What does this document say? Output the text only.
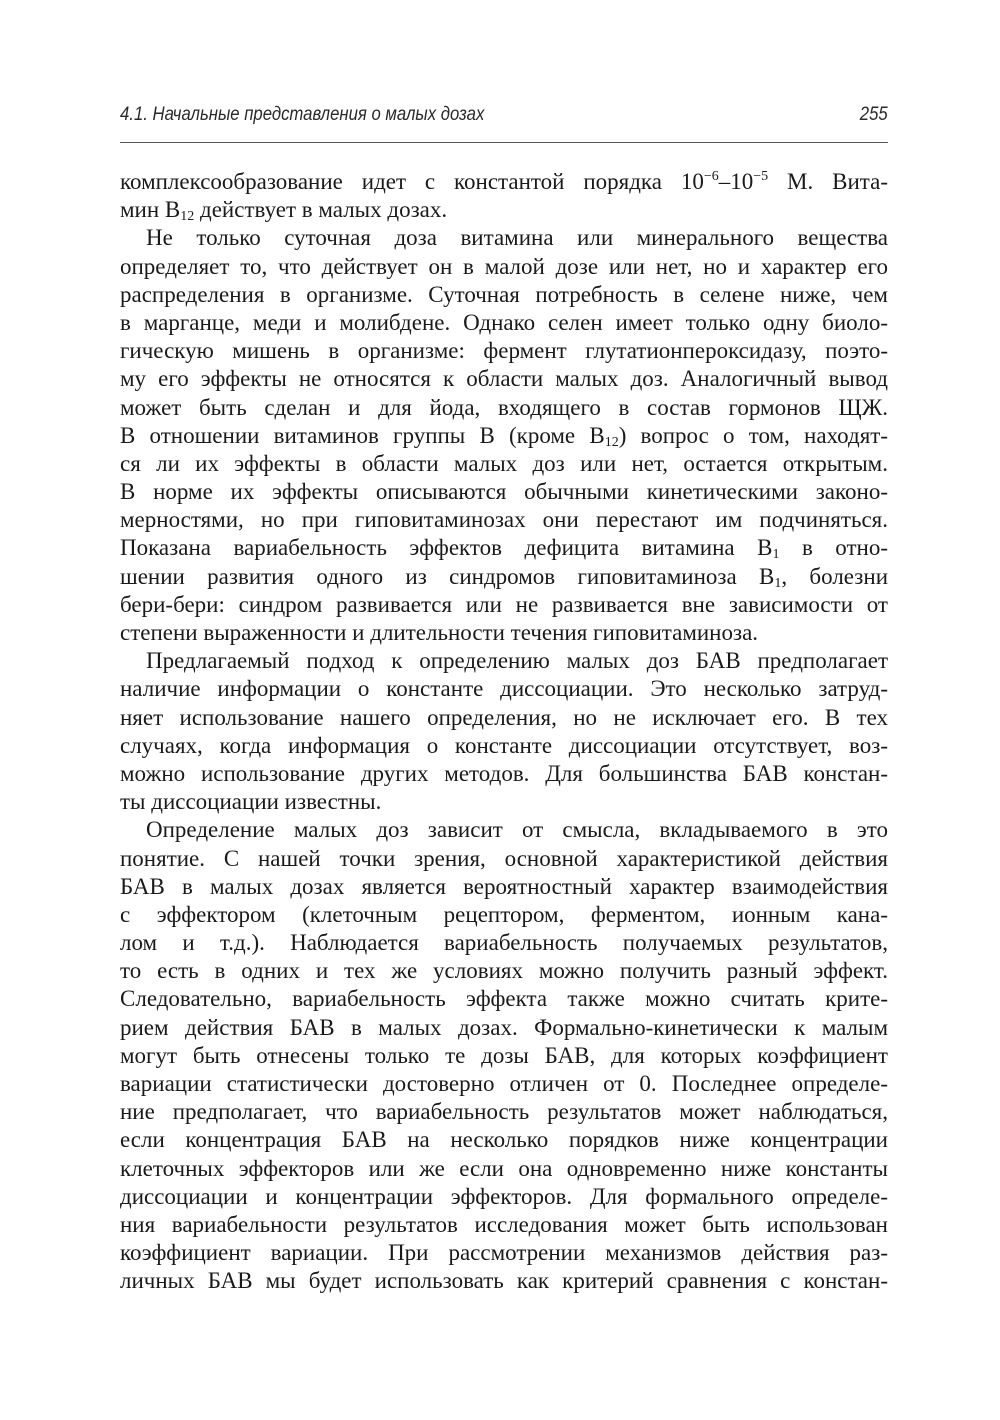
4.1. Начальные представления о малых дозах	255
комплексообразование идет с константой порядка $10^{-6}-10^{-5}$ М. Вита-
мин $B_{12}$ действует в малых дозах.
Не только суточная доза витамина или минерального вещества
определяет то, что действует он в малой дозе или нет, но и характер его
распределения в организме. Суточная потребность в селене ниже, чем
в марганце, меди и молибдене. Однако селен имеет только одну биоло-
гическую мишень в организме: фермент глутатионпероксидазу, поэто-
му его эффекты не относятся к области малых доз. Аналогичный вывод
может быть сделан и для йода, входящего в состав гормонов ЩЖ.
В отношении витаминов группы В (кроме $B_{12}$) вопрос о том, находят-
ся ли их эффекты в области малых доз или нет, остается открытым.
В норме их эффекты описываются обычными кинетическими законо-
мерностями, но при гиповитаминозах они перестают им подчиняться.
Показана вариабельность эффектов дефицита витамина $B_1$ в отно-
шении развития одного из синдромов гиповитаминоза $B_1$, болезни
бери-бери: синдром развивается или не развивается вне зависимости от
степени выраженности и длительности течения гиповитаминоза.
Предлагаемый подход к определению малых доз БАВ предполагает
наличие информации о константе диссоциации. Это несколько затруд-
няет использование нашего определения, но не исключает его. В тех
случаях, когда информация о константе диссоциации отсутствует, воз-
можно использование других методов. Для большинства БАВ констан-
ты диссоциации известны.
Определение малых доз зависит от смысла, вкладываемого в это
понятие. С нашей точки зрения, основной характеристикой действия
БАВ в малых дозах является вероятностный характер взаимодействия
с эффектором (клеточным рецептором, ферментом, ионным кана-
лом и т.д.). Наблюдается вариабельность получаемых результатов,
то есть в одних и тех же условиях можно получить разный эффект.
Следовательно, вариабельность эффекта также можно считать крите-
рием действия БАВ в малых дозах. Формально-кинетически к малым
могут быть отнесены только те дозы БАВ, для которых коэффициент
вариации статистически достоверно отличен от 0. Последнее определе-
ние предполагает, что вариабельность результатов может наблюдаться,
если концентрация БАВ на несколько порядков ниже концентрации
клеточных эффекторов или же если она одновременно ниже константы
диссоциации и концентрации эффекторов. Для формального определе-
ния вариабельности результатов исследования может быть использован
коэффициент вариации. При рассмотрении механизмов действия раз-
личных БАВ мы будет использовать как критерий сравнения с констан-
